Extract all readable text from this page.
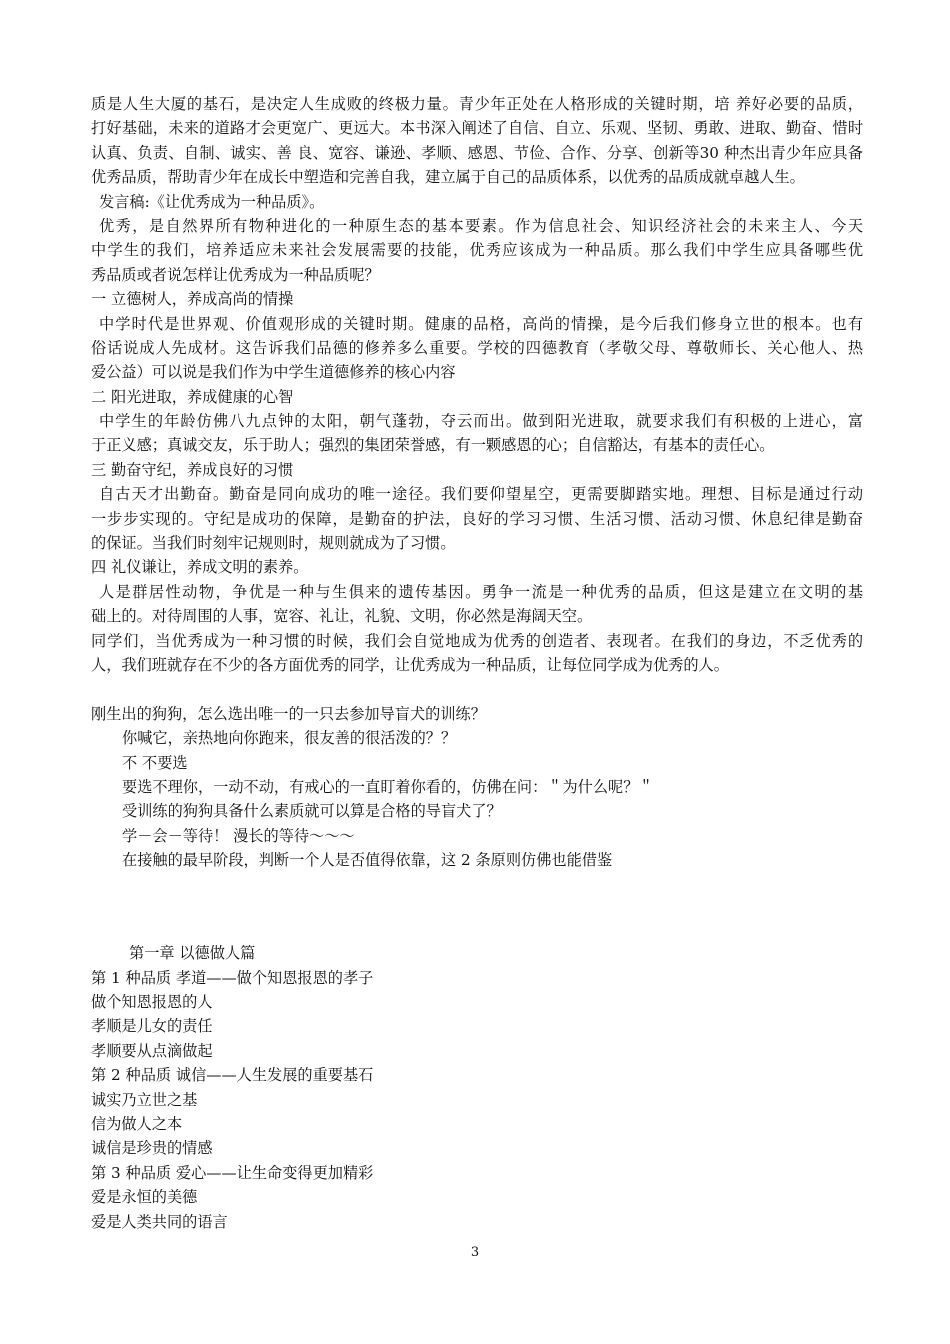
质是人生大厦的基石，是决定人生成败的终极力量。青少年正处在人格形成的关键时期，培 养好必要的品质，
打好基础，未来的道路才会更宽广、更远大。本书深入阐述了自信、自立、乐观、坚韧、勇敢、进取、勤奋、惜时
认真、负责、自制、诚实、善 良、宽容、谦逊、孝顺、感恩、节俭、合作、分享、创新等30 种杰出青少年应具备
优秀品质，帮助青少年在成长中塑造和完善自我，建立属于自己的品质体系，以优秀的品质成就卓越人生。
发言稿:《让优秀成为一种品质》。
优秀，是自然界所有物种进化的一种原生态的基本要素。作为信息社会、知识经济社会的未来主人、今天
中学生的我们，培养适应未来社会发展需要的技能，优秀应该成为一种品质。那么我们中学生应具备哪些优
秀品质或者说怎样让优秀成为一种品质呢？
一 立德树人，养成高尚的情操
中学时代是世界观、价值观形成的关键时期。健康的品格，高尚的情操，是今后我们修身立世的根本。也有
俗话说成人先成材。这告诉我们品德的修养多么重要。学校的四德教育（孝敬父母、尊敬师长、关心他人、热
爱公益）可以说是我们作为中学生道德修养的核心内容
二 阳光进取，养成健康的心智
中学生的年龄仿佛八九点钟的太阳，朝气蓬勃，夺云而出。做到阳光进取，就要求我们有积极的上进心，富
于正义感；真诚交友，乐于助人；强烈的集团荣誉感，有一颗感恩的心；自信豁达，有基本的责任心。
三 勤奋守纪，养成良好的习惯
自古天才出勤奋。勤奋是同向成功的唯一途径。我们要仰望星空，更需要脚踏实地。理想、目标是通过行动
一步步实现的。守纪是成功的保障，是勤奋的护法，良好的学习习惯、生活习惯、活动习惯、休息纪律是勤奋
的保证。当我们时刻牢记规则时，规则就成为了习惯。
四 礼仪谦让，养成文明的素养。
人是群居性动物，争优是一种与生俱来的遗传基因。勇争一流是一种优秀的品质，但这是建立在文明的基
础上的。对待周围的人事，宽容、礼让，礼貌、文明，你必然是海阔天空。
同学们，当优秀成为一种习惯的时候，我们会自觉地成为优秀的创造者、表现者。在我们的身边，不乏优秀的
人，我们班就存在不少的各方面优秀的同学，让优秀成为一种品质，让每位同学成为优秀的人。
刚生出的狗狗，怎么选出唯一的一只去参加导盲犬的训练？
你喊它，亲热地向你跑来，很友善的很活泼的？？
不 不要选
要选不理你，一动不动，有戒心的一直盯着你看的，仿佛在问：＂为什么呢？＂
受训练的狗狗具备什么素质就可以算是合格的导盲犬了？
学－会－等待！ 漫长的等待～～～
在接触的最早阶段，判断一个人是否值得依靠，这 2 条原则仿佛也能借鉴
第一章 以德做人篇
第 1 种品质 孝道——做个知恩报恩的孝子
做个知恩报恩的人
孝顺是儿女的责任
孝顺要从点滴做起
第 2 种品质 诚信——人生发展的重要基石
诚实乃立世之基
信为做人之本
诚信是珍贵的情感
第 3 种品质 爱心——让生命变得更加精彩
爱是永恒的美德
爱是人类共同的语言
3
